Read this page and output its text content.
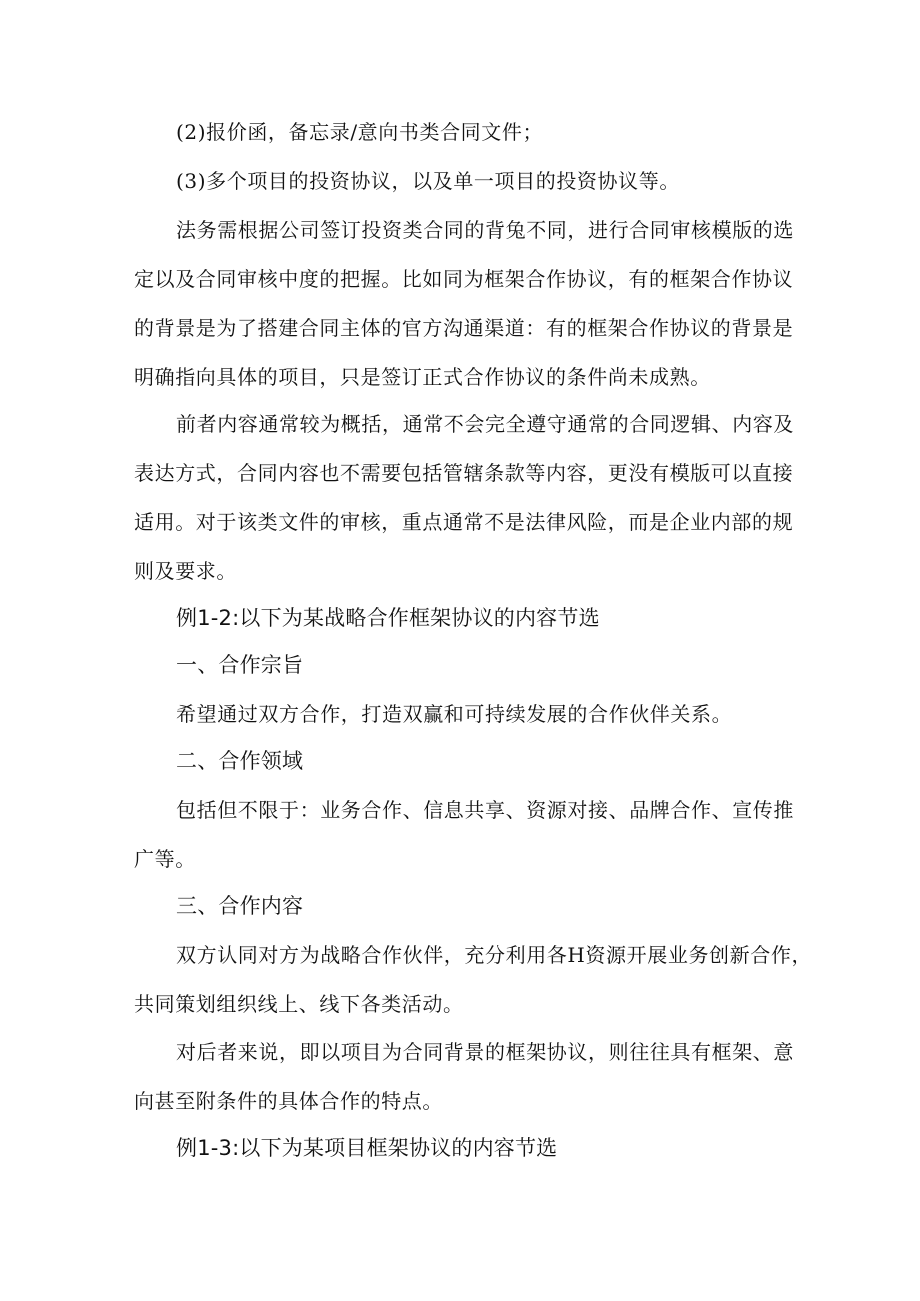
(2)报价函，备忘录/意向书类合同文件；
(3)多个项目的投资协议，以及单一项目的投资协议等。
法务需根据公司签订投资类合同的背兔不同，进行合同审核模版的选
定以及合同审核中度的把握。比如同为框架合作协议，有的框架合作协议
的背景是为了搭建合同主体的官方沟通渠道：有的框架合作协议的背景是
明确指向具体的项目，只是签订正式合作协议的条件尚未成熟。
前者内容通常较为概括，通常不会完全遵守通常的合同逻辑、内容及
表达方式，合同内容也不需要包括管辖条款等内容，更没有模版可以直接
适用。对于该类文件的审核，重点通常不是法律风险，而是企业内部的规
则及要求。
例1-2:以下为某战略合作框架协议的内容节选
一、合作宗旨
希望通过双方合作，打造双赢和可持续发展的合作伙伴关系。
二、合作领域
包括但不限于：业务合作、信息共享、资源对接、品牌合作、宣传推
广等。
三、合作内容
双方认同对方为战略合作伙伴，充分利用各H资源开展业务创新合作，
共同策划组织线上、线下各类活动。
对后者来说，即以项目为合同背景的框架协议，则往往具有框架、意
向甚至附条件的具体合作的特点。
例1-3:以下为某项目框架协议的内容节选
